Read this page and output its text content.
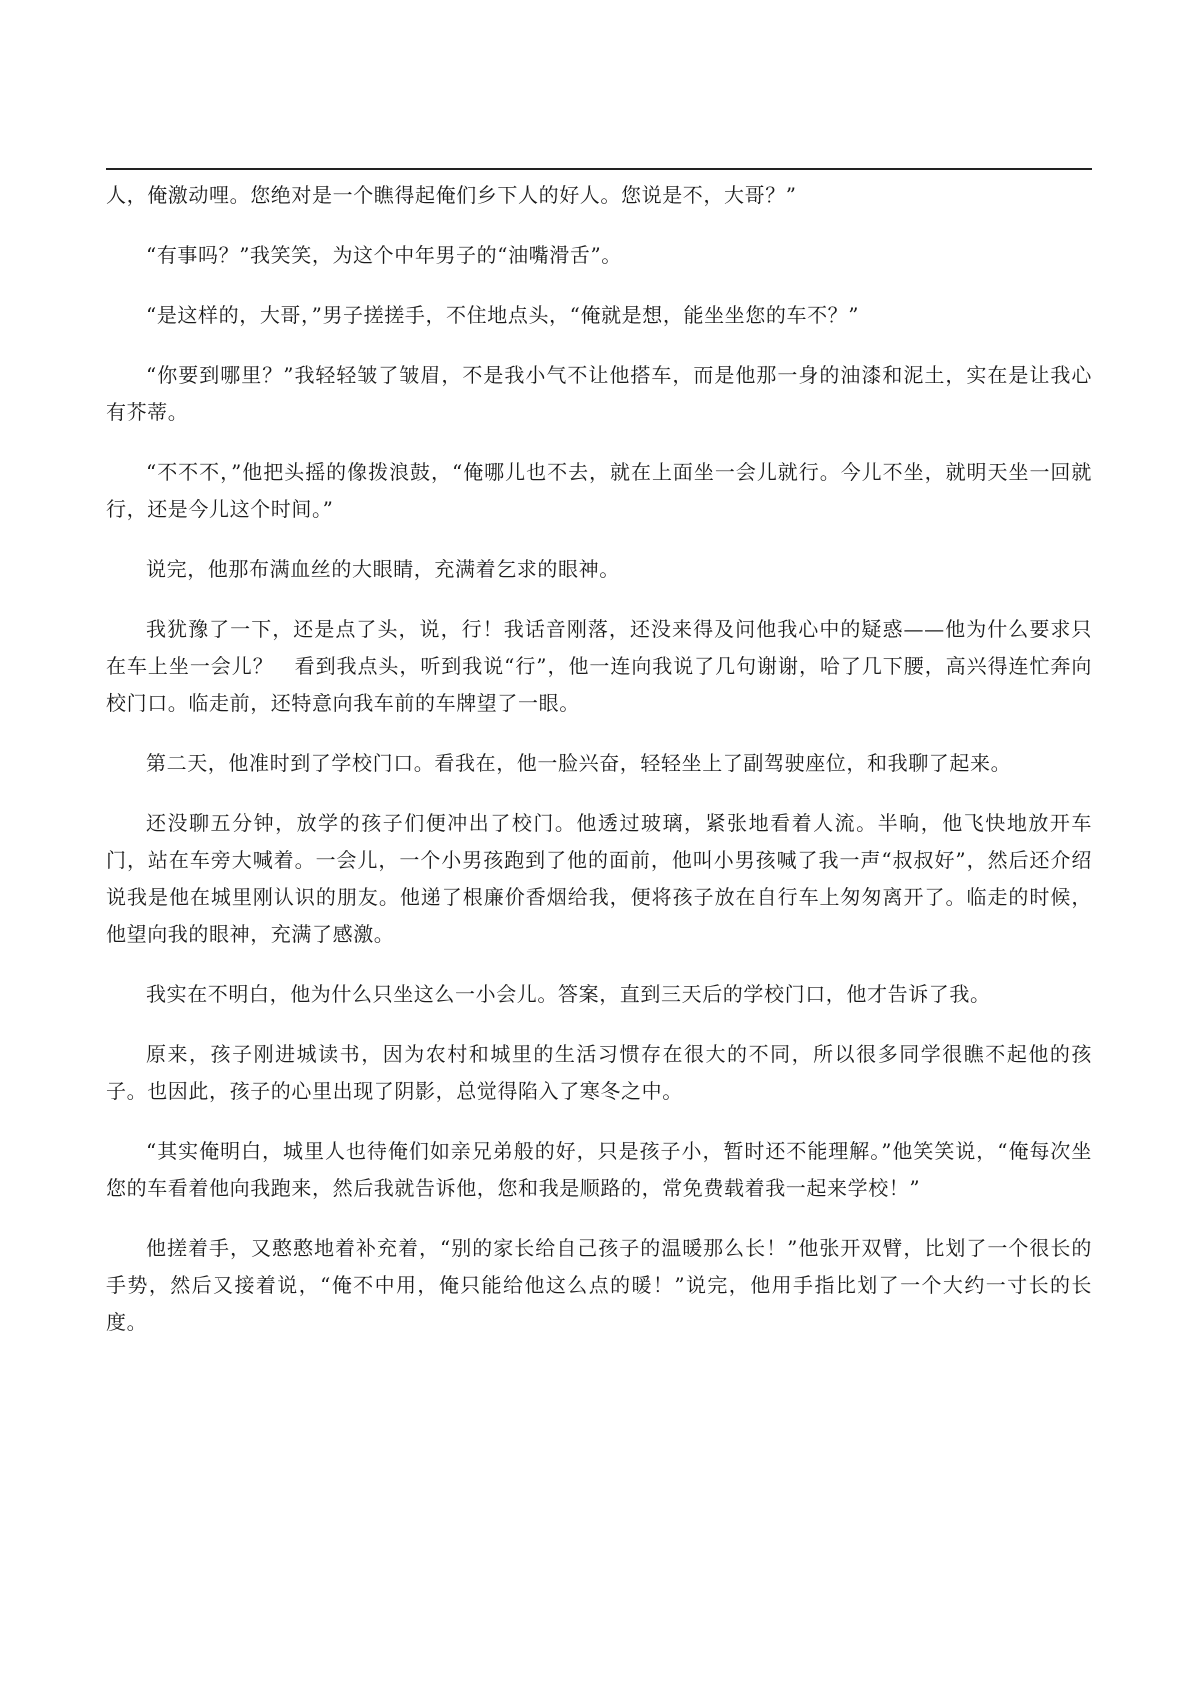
人，俺激动哩。您绝对是一个瞧得起俺们乡下人的好人。您说是不，大哥？”

“有事吗？”我笑笑，为这个中年男子的“油嘴滑舌”。

“是这样的，大哥，”男子搓搓手，不住地点头，“俺就是想，能坐坐您的车不？”

“你要到哪里？”我轻轻皱了皱眉，不是我小气不让他搭车，而是他那一身的油漆和泥土，实在是让我心有芥蒂。

“不不不，”他把头摇的像拨浪鼓，“俺哪儿也不去，就在上面坐一会儿就行。今儿不坐，就明天坐一回就行，还是今儿这个时间。”

说完，他那布满血丝的大眼睛，充满着乞求的眼神。

我犹豫了一下，还是点了头，说，行！我话音刚落，还没来得及问他我心中的疑惑——他为什么要求只在车上坐一会儿？　看到我点头，听到我说“行”，他一连向我说了几句谢谢，哈了几下腰，高兴得连忙奔向校门口。临走前，还特意向我车前的车牌望了一眼。

第二天，他准时到了学校门口。看我在，他一脸兴奋，轻轻坐上了副驾驶座位，和我聊了起来。

还没聊五分钟，放学的孩子们便冲出了校门。他透过玻璃，紧张地看着人流。半晌，他飞快地放开车门，站在车旁大喊着。一会儿，一个小男孩跑到了他的面前，他叫小男孩喊了我一声“叔叔好”，然后还介绍说我是他在城里刚认识的朋友。他递了根廉价香烟给我，便将孩子放在自行车上匆匆离开了。临走的时候，他望向我的眼神，充满了感激。

我实在不明白，他为什么只坐这么一小会儿。答案，直到三天后的学校门口，他才告诉了我。

原来，孩子刚进城读书，因为农村和城里的生活习惯存在很大的不同，所以很多同学很瞧不起他的孩子。也因此，孩子的心里出现了阴影，总觉得陷入了寒冬之中。

“其实俺明白，城里人也待俺们如亲兄弟般的好，只是孩子小，暂时还不能理解。”他笑笑说，“俺每次坐您的车看着他向我跑来，然后我就告诉他，您和我是顺路的，常免费载着我一起来学校！”

他搓着手，又憨憨地着补充着，“别的家长给自己孩子的温暖那么长！”他张开双臂，比划了一个很长的手势，然后又接着说，“俺不中用，俺只能给他这么点的暖！”说完，他用手指比划了一个大约一寸长的长度。
